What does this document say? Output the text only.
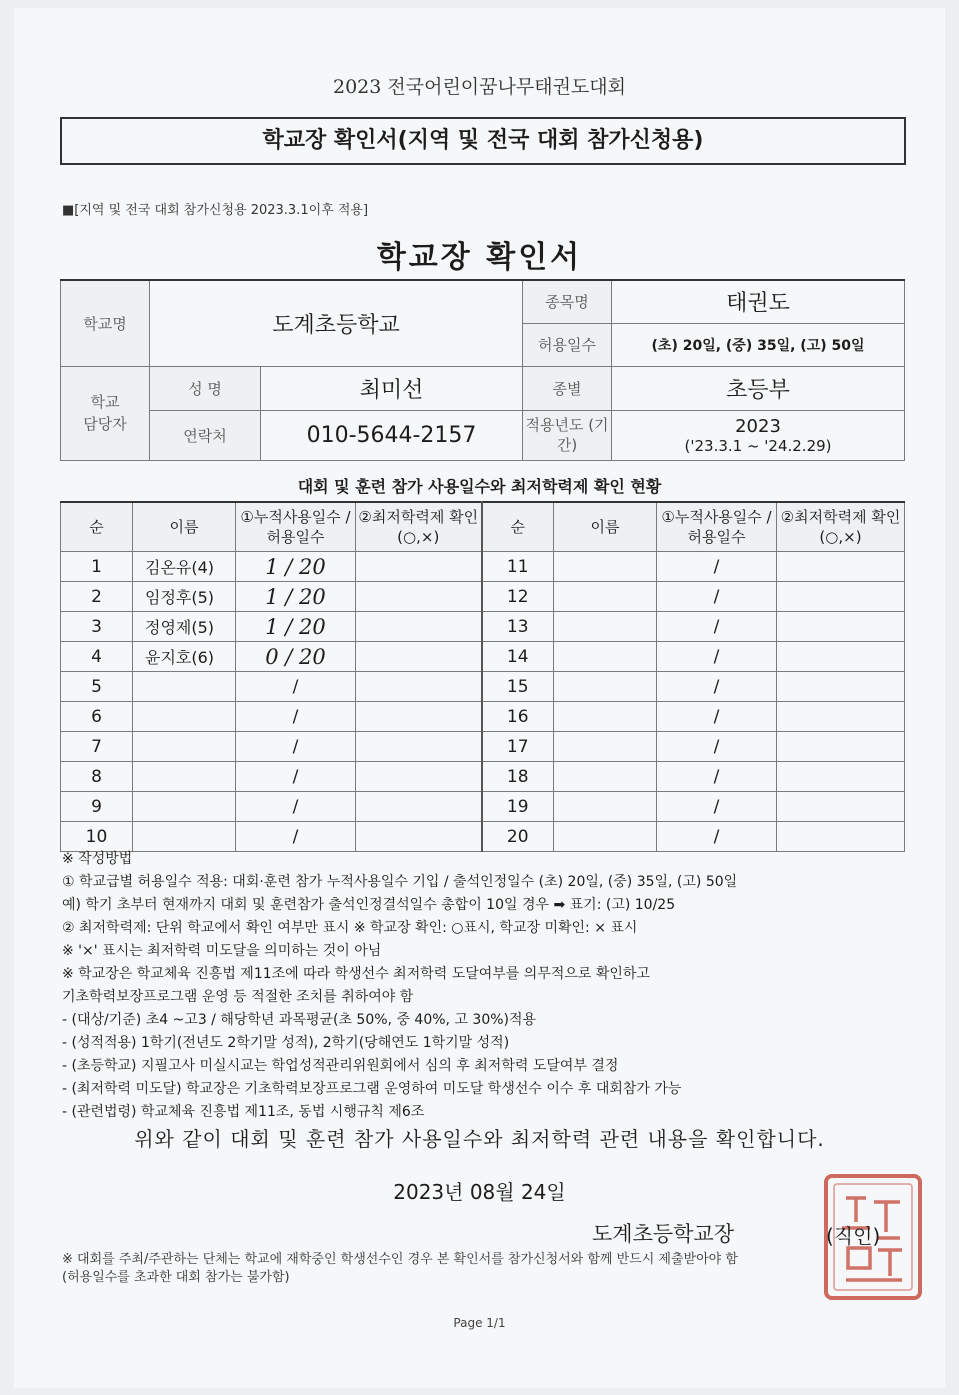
2023 전국어린이꿈나무태권도대회
학교장 확인서(지역 및 전국 대회 참가신청용)
■[지역 및 전국 대회 참가신청용 2023.3.1이후 적용]
학교장 확인서
학교명	도계초등학교		종목명	태권도
			허용일수	(초) 20일, (중) 35일, (고) 50일
학교 담당자	성 명	최미선	종별	초등부
	연락처	010-5644-2157	적용년도 (기간)	2023
('23.3.1 ~ '24.2.29)
대회 및 훈련 참가 사용일수와 최저학력제 확인 현황
순	이름	①누적사용일수 /허용일수	②최저학력제 확인(○,×)	순	이름	①누적사용일수 /허용일수	②최저학력제 확인(○,×)
1	김온유(4)	1 / 20		11		/	
2	임정후(5)	1 / 20		12		/	
3	정영제(5)	1 / 20		13		/	
4	윤지호(6)	0 / 20		14		/	
5		/		15		/	
6		/		16		/	
7		/		17		/	
8		/		18		/	
9		/		19		/	
10		/		20		/	
※ 작성방법
① 학교급별 허용일수 적용: 대회·훈련 참가 누적사용일수 기입 / 출석인정일수 (초) 20일, (중) 35일, (고) 50일
예) 학기 초부터 현재까지 대회 및 훈련참가 출석인정결석일수 총합이 10일 경우 ➡ 표기: (고) 10/25
② 최저학력제: 단위 학교에서 확인 여부만 표시 ※ 학교장 확인: ○표시, 학교장 미확인: × 표시
※ '×' 표시는 최저학력 미도달을 의미하는 것이 아님
※ 학교장은 학교체육 진흥법 제11조에 따라 학생선수 최저학력 도달여부를 의무적으로 확인하고
기초학력보장프로그램 운영 등 적절한 조치를 취하여야 함
- (대상/기준) 초4 ~고3 / 해당학년 과목평균(초 50%, 중 40%, 고 30%)적용
- (성적적용) 1학기(전년도 2학기말 성적), 2학기(당해연도 1학기말 성적)
- (초등학교) 지필고사 미실시교는 학업성적관리위원회에서 심의 후 최저학력 도달여부 결정
- (최저학력 미도달) 학교장은 기초학력보장프로그램 운영하여 미도달 학생선수 이수 후 대회참가 가능
- (관련법령) 학교체육 진흥법 제11조, 동법 시행규칙 제6조
위와 같이 대회 및 훈련 참가 사용일수와 최저학력 관련 내용을 확인합니다.
2023년 08월 24일
도계초등학교장	(직인)
※ 대회를 주최/주관하는 단체는 학교에 재학중인 학생선수인 경우 본 확인서를 참가신청서와 함께 반드시 제출받아야 함
(허용일수를 초과한 대회 참가는 불가함)
Page 1/1
